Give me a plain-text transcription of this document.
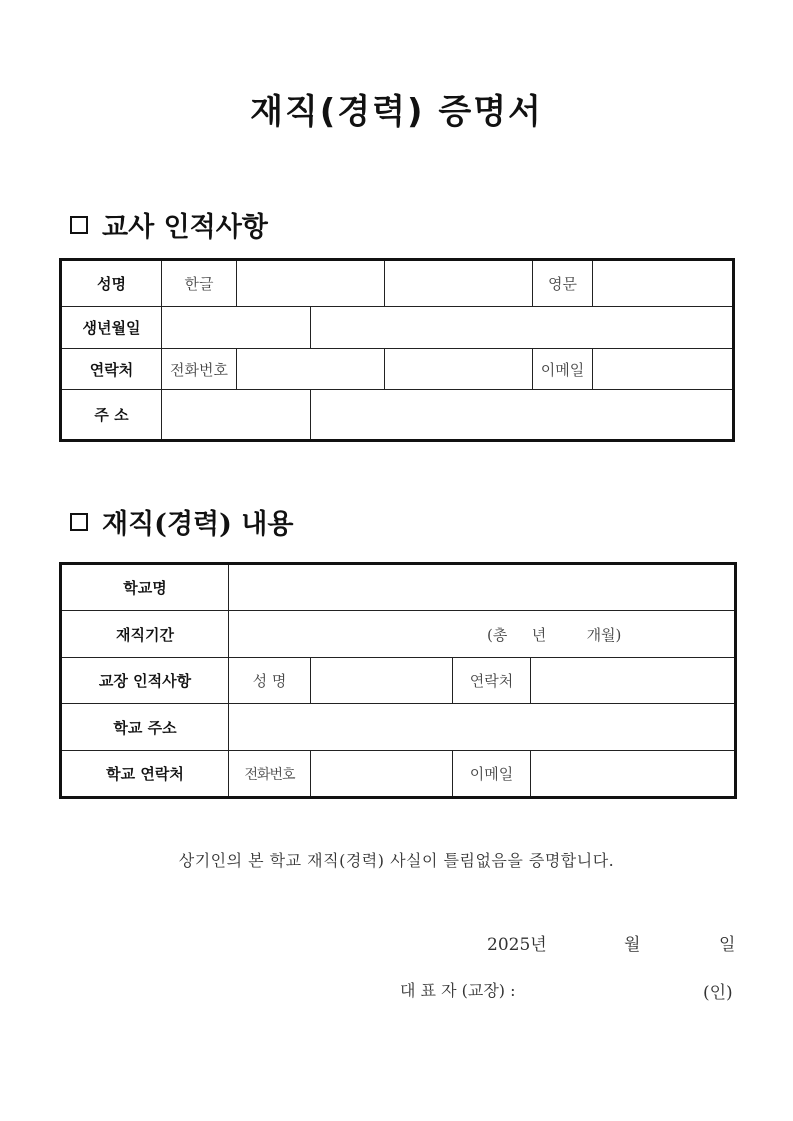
재직(경력) 증명서
교사 인적사항
성명	한글				영문	
생년월일						
연락처	전화번호				이메일	
주 소						
재직(경력) 내용
학교명				
재직기간	(총 년 개월)			
교장 인적사항	성 명		연락처	
학교 주소				
학교 연락처	전화번호		이메일	
상기인의 본 학교 재직(경력) 사실이 틀림없음을 증명합니다.
2025년	월	일
대 표 자 (교장) :	(인)
